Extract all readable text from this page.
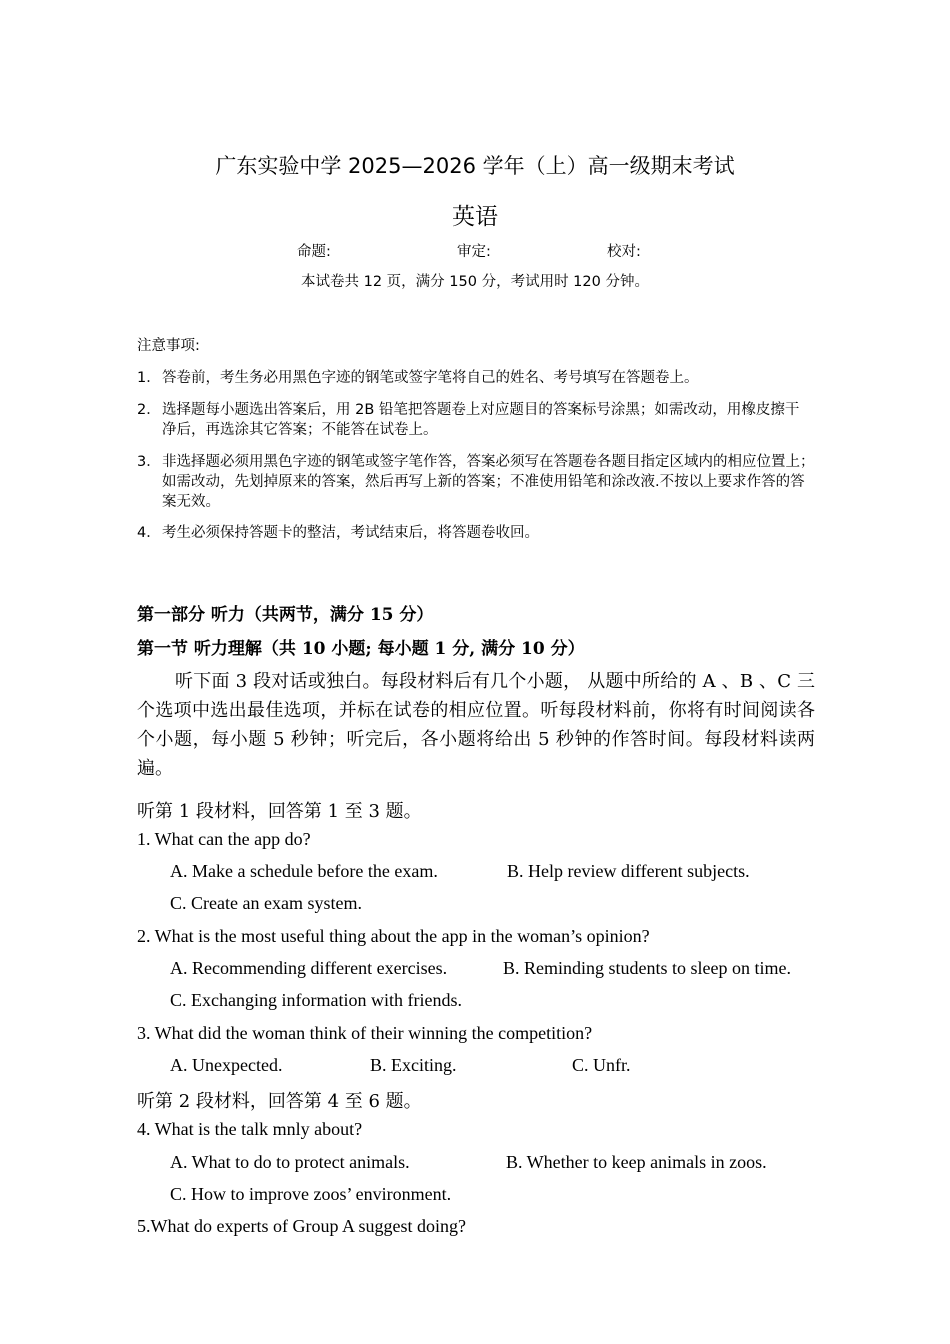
广东实验中学 2025—2026 学年（上）高一级期末考试
英语
命题:	审定:	校对:
本试卷共 12 页，满分 150 分，考试用时 120 分钟。
注意事项:
1． 答卷前，考生务必用黑色字迹的钢笔或签字笔将自己的姓名、考号填写在答题卷上。
2． 选择题每小题选出答案后，用 2B 铅笔把答题卷上对应题目的答案标号涂黑；如需改动，用橡皮擦干净后，再选涂其它答案；不能答在试卷上。
3． 非选择题必须用黑色字迹的钢笔或签字笔作答，答案必须写在答题卷各题目指定区域内的相应位置上；如需改动，先划掉原来的答案，然后再写上新的答案；不准使用铅笔和涂改液.不按以上要求作答的答案无效。
4． 考生必须保持答题卡的整洁，考试结束后，将答题卷收回。
第一部分 听力（共两节，满分 15 分）
第一节 听力理解（共 10 小题; 每小题 1 分, 满分 10 分）
听下面 3 段对话或独白。每段材料后有几个小题， 从题中所给的 A 、B 、C 三个选项中选出最佳选项，并标在试卷的相应位置。听每段材料前，你将有时间阅读各个小题，每小题 5 秒钟；听完后，各小题将给出 5 秒钟的作答时间。每段材料读两遍。
听第 1 段材料，回答第 1 至 3 题。
1. What can the app do?
A. Make a schedule before the exam.	B. Help review different subjects.
C. Create an exam system.
2. What is the most useful thing about the app in the woman’s opinion?
A. Recommending different exercises.	B. Reminding students to sleep on time.
C. Exchanging information with friends.
3. What did the woman think of their winning the competition?
A. Unexpected.	B. Exciting.	C. Unfr.
听第 2 段材料，回答第 4 至 6 题。
4. What is the talk mnly about?
A. What to do to protect animals.	B. Whether to keep animals in zoos.
C. How to improve zoos’ environment.
5.What do experts of Group A suggest doing?
